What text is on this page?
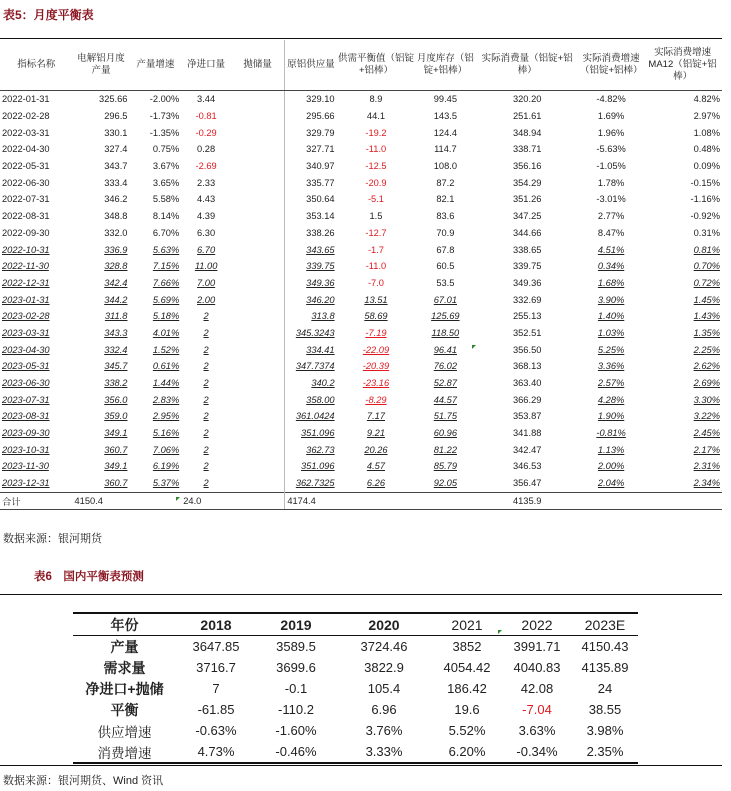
表5：月度平衡表
指标名称	电解铝月度产量	产量增速	净进口量	抛储量	原铝供应量	供需平衡值（铝锭+铝棒）	月度库存（铝锭+铝棒）	实际消费量（铝锭+铝棒）	实际消费增速（铝锭+铝棒）	实际消费增速MA12（铝锭+铝棒）
2022-01-31	325.66	-2.00%	3.44		329.10	8.9	99.45	320.20	-4.82%	4.82%
2022-02-28	296.5	-1.73%	-0.81		295.66	44.1	143.5	251.61	1.69%	2.97%
2022-03-31	330.1	-1.35%	-0.29		329.79	-19.2	124.4	348.94	1.96%	1.08%
2022-04-30	327.4	0.75%	0.28		327.71	-11.0	114.7	338.71	-5.63%	0.48%
2022-05-31	343.7	3.67%	-2.69		340.97	-12.5	108.0	356.16	-1.05%	0.09%
2022-06-30	333.4	3.65%	2.33		335.77	-20.9	87.2	354.29	1.78%	-0.15%
2022-07-31	346.2	5.58%	4.43		350.64	-5.1	82.1	351.26	-3.01%	-1.16%
2022-08-31	348.8	8.14%	4.39		353.14	1.5	83.6	347.25	2.77%	-0.92%
2022-09-30	332.0	6.70%	6.30		338.26	-12.7	70.9	344.66	8.47%	0.31%
2022-10-31	336.9	5.63%	6.70		343.65	-1.7	67.8	338.65	4.51%	0.81%
2022-11-30	328.8	7.15%	11.00		339.75	-11.0	60.5	339.75	0.34%	0.70%
2022-12-31	342.4	7.66%	7.00		349.36	-7.0	53.5	349.36	1.68%	0.72%
2023-01-31	344.2	5.69%	2.00		346.20	13.51	67.01	332.69	3.90%	1.45%
2023-02-28	311.8	5.18%	2		313.8	58.69	125.69	255.13	1.40%	1.43%
2023-03-31	343.3	4.01%	2		345.3243	-7.19	118.50	352.51	1.03%	1.35%
2023-04-30	332.4	1.52%	2		334.41	-22.09	96.41	356.50	5.25%	2.25%
2023-05-31	345.7	0.61%	2		347.7374	-20.39	76.02	368.13	3.36%	2.62%
2023-06-30	338.2	1.44%	2		340.2	-23.16	52.87	363.40	2.57%	2.69%
2023-07-31	356.0	2.83%	2		358.00	-8.29	44.57	366.29	4.28%	3.30%
2023-08-31	359.0	2.95%	2		361.0424	7.17	51.75	353.87	1.90%	3.22%
2023-09-30	349.1	5.16%	2		351.096	9.21	60.96	341.88	-0.81%	2.45%
2023-10-31	360.7	7.06%	2		362.73	20.26	81.22	342.47	1.13%	2.17%
2023-11-30	349.1	6.19%	2		351.096	4.57	85.79	346.53	2.00%	2.31%
2023-12-31	360.7	5.37%	2		362.7325	6.26	92.05	356.47	2.04%	2.34%
合计	4150.4		24.0		4174.4			4135.9		
数据来源：银河期货
表6　国内平衡表预测
年份	2018	2019	2020	2021	2022	2023E
产量	3647.85	3589.5	3724.46	3852	3991.71	4150.43
需求量	3716.7	3699.6	3822.9	4054.42	4040.83	4135.89
净进口+抛储	7	-0.1	105.4	186.42	42.08	24
平衡	-61.85	-110.2	6.96	19.6	-7.04	38.55
供应增速	-0.63%	-1.60%	3.76%	5.52%	3.63%	3.98%
消费增速	4.73%	-0.46%	3.33%	6.20%	-0.34%	2.35%
数据来源：银河期货、Wind 资讯
